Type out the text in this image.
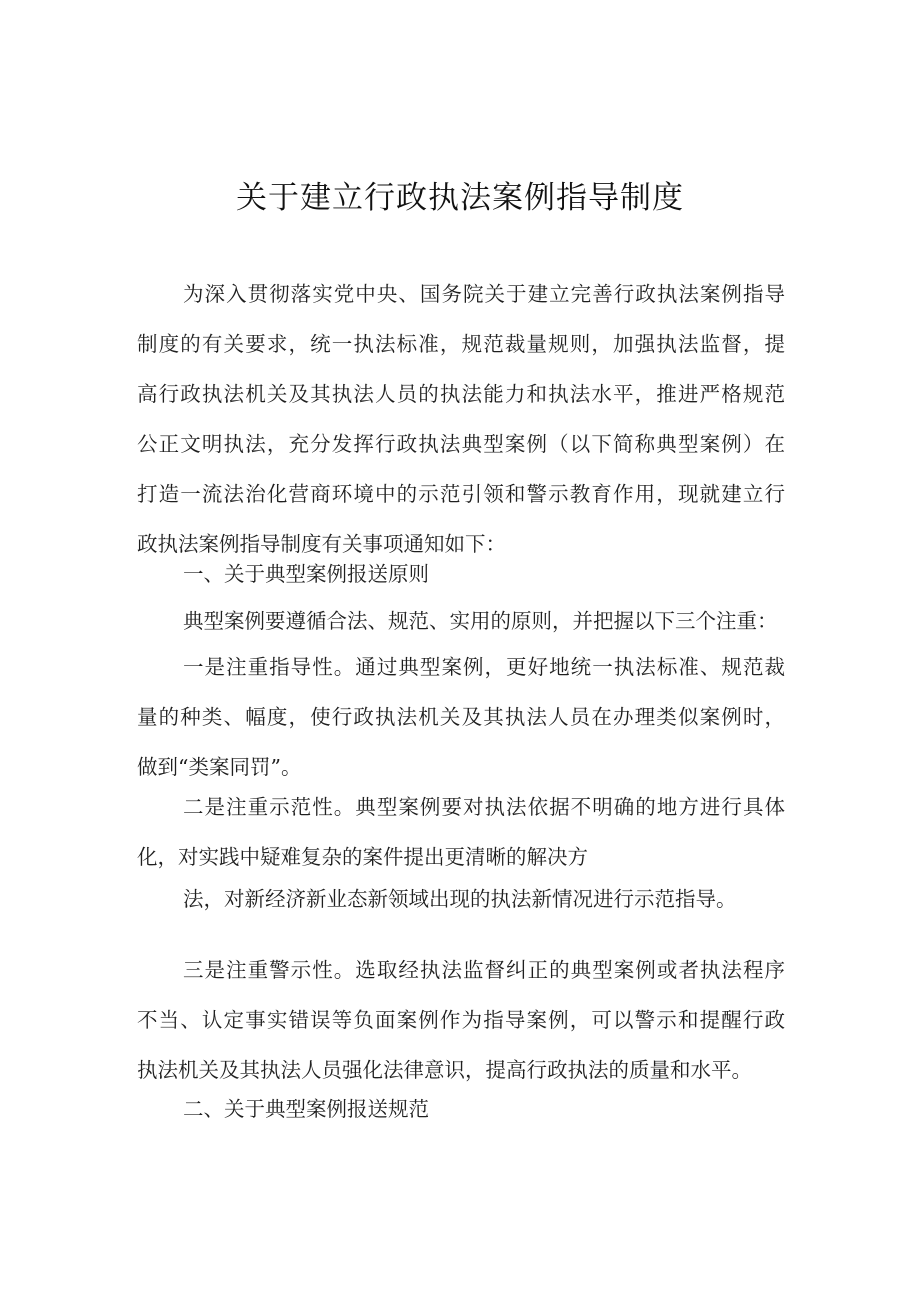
关于建立行政执法案例指导制度
为深入贯彻落实党中央、国务院关于建立完善行政执法案例指导
制度的有关要求，统一执法标准，规范裁量规则，加强执法监督，提
高行政执法机关及其执法人员的执法能力和执法水平，推进严格规范
公正文明执法，充分发挥行政执法典型案例（以下简称典型案例）在
打造一流法治化营商环境中的示范引领和警示教育作用，现就建立行
政执法案例指导制度有关事项通知如下：
一、关于典型案例报送原则
典型案例要遵循合法、规范、实用的原则，并把握以下三个注重：
一是注重指导性。通过典型案例，更好地统一执法标准、规范裁
量的种类、幅度，使行政执法机关及其执法人员在办理类似案例时，
做到“类案同罚”。
二是注重示范性。典型案例要对执法依据不明确的地方进行具体
化，对实践中疑难复杂的案件提出更清晰的解决方
法，对新经济新业态新领域出现的执法新情况进行示范指导。
三是注重警示性。选取经执法监督纠正的典型案例或者执法程序
不当、认定事实错误等负面案例作为指导案例，可以警示和提醒行政
执法机关及其执法人员强化法律意识，提高行政执法的质量和水平。
二、关于典型案例报送规范
